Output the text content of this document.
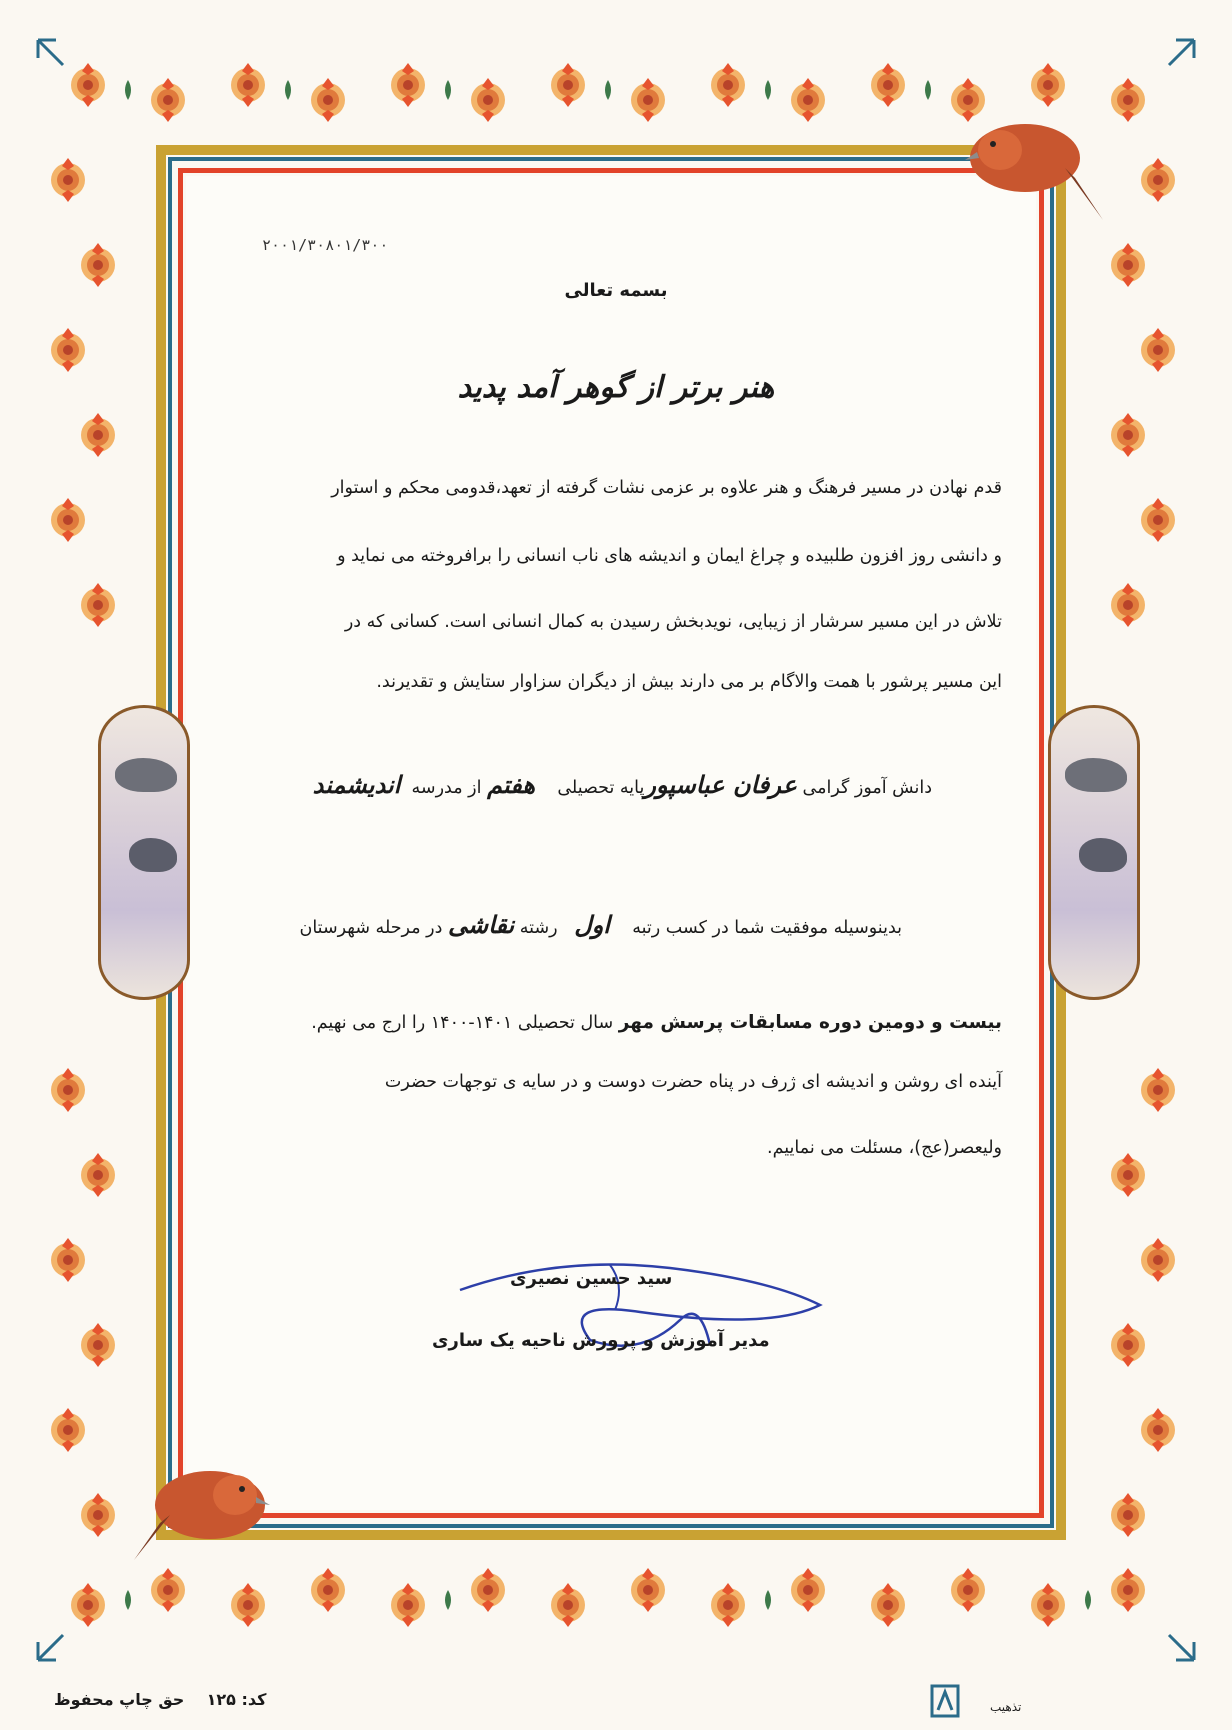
۲۰۰۱/۳۰۸۰۱/۳۰۰
بسمه تعالی
هنر برتر از گوهر آمد پدید
قدم نهادن در مسیر فرهنگ و هنر علاوه بر عزمی نشات گرفته از تعهد،قدومی محکم و استوار
و دانشی روز افزون طلبیده و چراغ ایمان و اندیشه های ناب انسانی را برافروخته می نماید و
تلاش در این مسیر سرشار از زیبایی، نویدبخش رسیدن به کمال انسانی است. کسانی که در
این مسیر پرشور با همت والاگام بر می دارند بیش از دیگران سزاوار ستایش و تقدیرند.
دانش آموز گرامی عرفان عباسپورپایه تحصیلی    هفتم از مدرسه  اندیشمند
بدینوسیله موفقیت شما در کسب رتبه    اول   رشته نقاشی در مرحله شهرستان
بیست و دومین دوره مسابقات پرسش مهر سال تحصیلی ۱۴۰۱-۱۴۰۰ را ارج می نهیم.
آینده ای روشن و اندیشه ای ژرف در پناه حضرت دوست و در سایه ی توجهات حضرت
ولیعصر(عج)، مسئلت می نماییم.
سید حسین نصیری
مدیر آموزش و پرورش ناحیه یک ساری
کد: ۱۲۵    حق چاپ محفوظ	تذهیب
